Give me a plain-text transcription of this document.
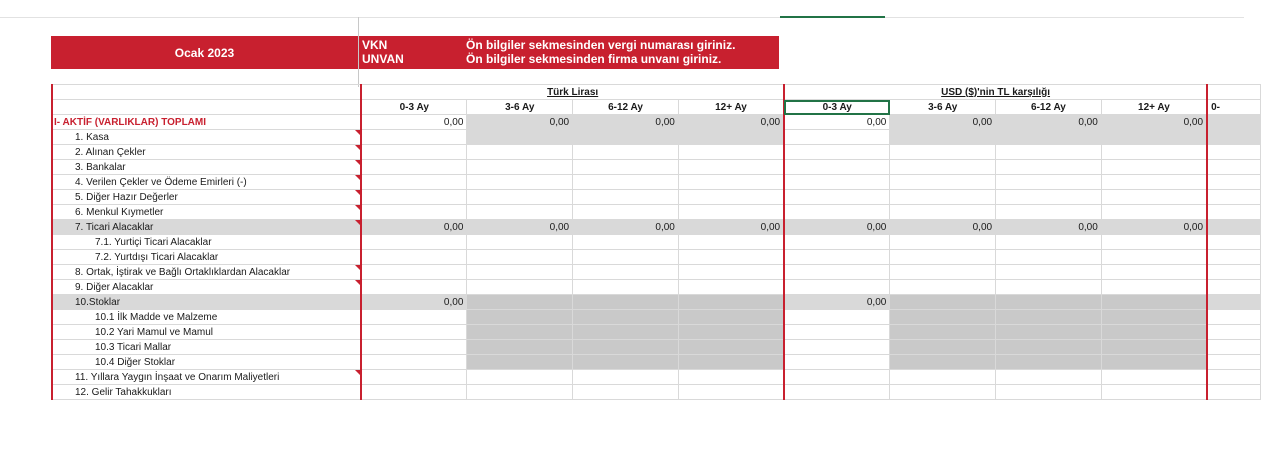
Ocak 2023
VKN	Ön bilgiler sekmesinden vergi numarası giriniz.
UNVAN	Ön bilgiler sekmesinden firma unvanı giriniz.
	Türk Lirası				USD ($)'nin TL karşılığı				
	0-3 Ay	3-6 Ay	6-12 Ay	12+ Ay	0-3 Ay	3-6 Ay	6-12 Ay	12+ Ay	0-
I- AKTİF (VARLIKLAR) TOPLAMI	0,00	0,00	0,00	0,00	0,00	0,00	0,00	0,00	
1. Kasa

2. Alınan Çekler

3. Bankalar

4. Verilen Çekler ve Ödeme Emirleri (-)

5. Diğer Hazır Değerler

6. Menkul Kıymetler

7. Ticari Alacaklar	0,00	0,00	0,00	0,00	0,00	0,00	0,00	0,00	
7.1. Yurtiçi Ticari Alacaklar									
7.2. Yurtdışı Ticari Alacaklar									
8. Ortak, İştirak ve Bağlı Ortaklıklardan Alacaklar

9. Diğer Alacaklar

10.Stoklar	0,00				0,00				
10.1 İlk Madde ve Malzeme									
10.2 Yari Mamul ve Mamul									
10.3 Ticari Mallar									
10.4 Diğer Stoklar									
11. Yıllara Yaygın İnşaat ve Onarım Maliyetleri

12. Gelir Tahakkukları									
